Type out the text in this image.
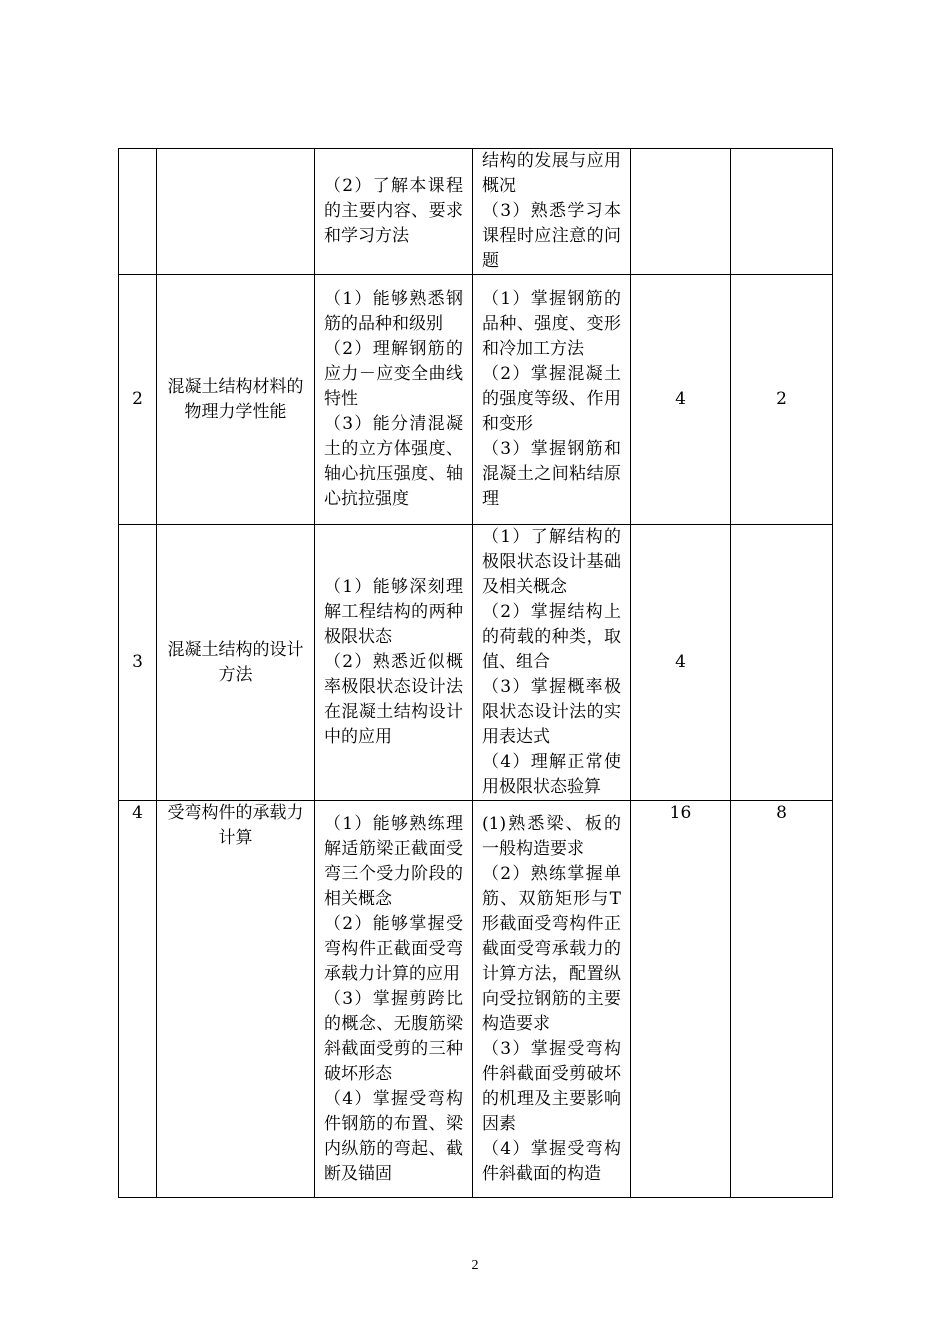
		（2）了解本课程的主要内容、要求和学习方法	结构的发展与应用概况
（3）熟悉学习本课程时应注意的问题		

2	混凝土结构材料的物理力学性能	（1）能够熟悉钢筋的品种和级别
（2）理解钢筋的应力－应变全曲线特性
（3）能分清混凝土的立方体强度、轴心抗压强度、轴心抗拉强度	（1）掌握钢筋的品种、强度、变形和冷加工方法
（2）掌握混凝土的强度等级、作用和变形
（3）掌握钢筋和混凝土之间粘结原理	4	2
3	混凝土结构的设计方法	（1）能够深刻理解工程结构的两种极限状态
（2）熟悉近似概率极限状态设计法在混凝土结构设计中的应用	（1）了解结构的极限状态设计基础及相关概念
（2）掌握结构上的荷载的种类，取值、组合
（3）掌握概率极限状态设计法的实用表达式
（4）理解正常使用极限状态验算	4	
4	受弯构件的承载力计算	（1）能够熟练理解适筋梁正截面受弯三个受力阶段的相关概念
（2）能够掌握受弯构件正截面受弯承载力计算的应用
（3）掌握剪跨比的概念、无腹筋梁斜截面受剪的三种破坏形态
（4）掌握受弯构件钢筋的布置、梁内纵筋的弯起、截断及锚固	(1)熟悉梁、板的一般构造要求
（2）熟练掌握单筋、双筋矩形与T形截面受弯构件正截面受弯承载力的计算方法，配置纵向受拉钢筋的主要构造要求
（3）掌握受弯构件斜截面受剪破坏的机理及主要影响因素
（4）掌握受弯构件斜截面的构造	16	8
2
